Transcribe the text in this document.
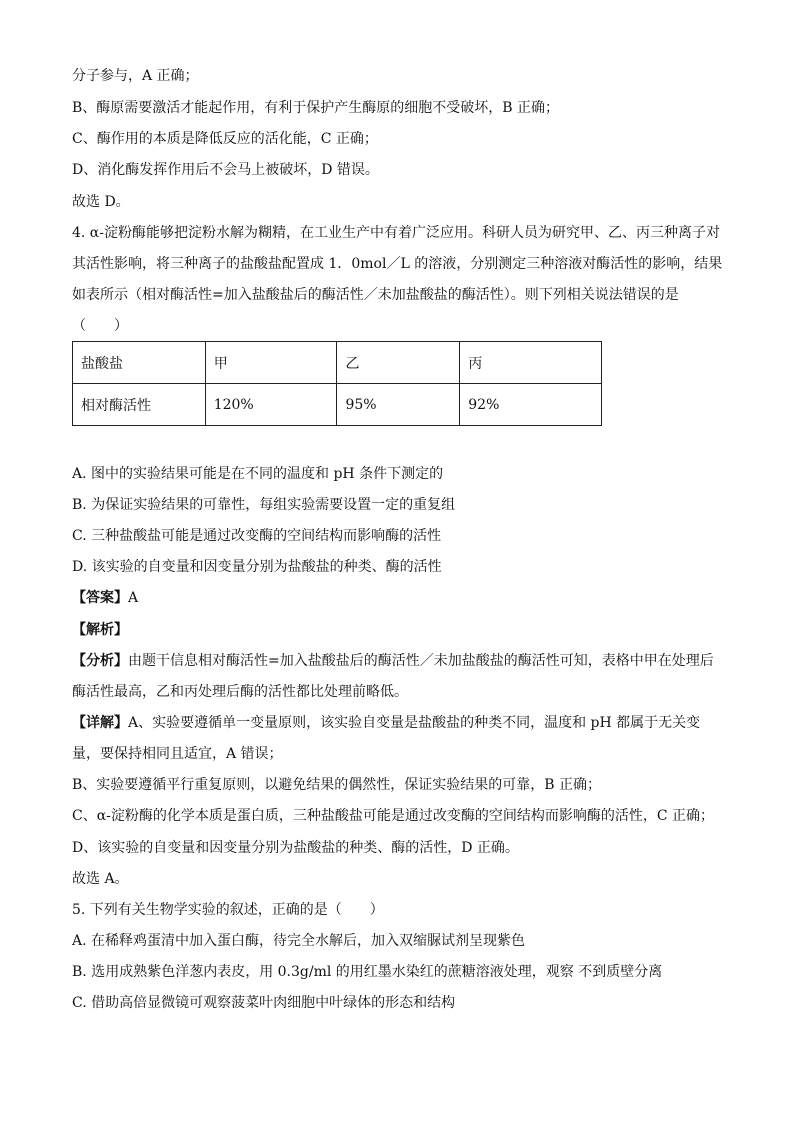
分子参与，A 正确；
B、酶原需要激活才能起作用，有利于保护产生酶原的细胞不受破坏，B 正确；
C、酶作用的本质是降低反应的活化能，C 正确；
D、消化酶发挥作用后不会马上被破坏，D 错误。
故选 D。
4. α-淀粉酶能够把淀粉水解为糊精，在工业生产中有着广泛应用。科研人员为研究甲、乙、丙三种离子对
其活性影响，将三种离子的盐酸盐配置成 1．0mol／L 的溶液，分别测定三种溶液对酶活性的影响，结果
如表所示（相对酶活性=加入盐酸盐后的酶活性／未加盐酸盐的酶活性）。则下列相关说法错误的是
（　　）
盐酸盐	甲	乙	丙
相对酶活性	120%	95%	92%
A. 图中的实验结果可能是在不同的温度和 pH 条件下测定的
B. 为保证实验结果的可靠性，每组实验需要设置一定的重复组
C. 三种盐酸盐可能是通过改变酶的空间结构而影响酶的活性
D. 该实验的自变量和因变量分别为盐酸盐的种类、酶的活性
【答案】A
【解析】
【分析】由题干信息相对酶活性=加入盐酸盐后的酶活性／未加盐酸盐的酶活性可知，表格中甲在处理后
酶活性最高，乙和丙处理后酶的活性都比处理前略低。
【详解】A、实验要遵循单一变量原则，该实验自变量是盐酸盐的种类不同，温度和 pH 都属于无关变
量，要保持相同且适宜，A 错误；
B、实验要遵循平行重复原则，以避免结果的偶然性，保证实验结果的可靠，B 正确；
C、α-淀粉酶的化学本质是蛋白质，三种盐酸盐可能是通过改变酶的空间结构而影响酶的活性，C 正确；
D、该实验的自变量和因变量分别为盐酸盐的种类、酶的活性，D 正确。
故选 A。
5. 下列有关生物学实验的叙述，正确的是（　　）
A. 在稀释鸡蛋清中加入蛋白酶，待完全水解后，加入双缩脲试剂呈现紫色
B. 选用成熟紫色洋葱内表皮，用 0.3g/ml 的用红墨水染红的蔗糖溶液处理，观察 不到质壁分离
C. 借助高倍显微镜可观察菠菜叶肉细胞中叶绿体的形态和结构
